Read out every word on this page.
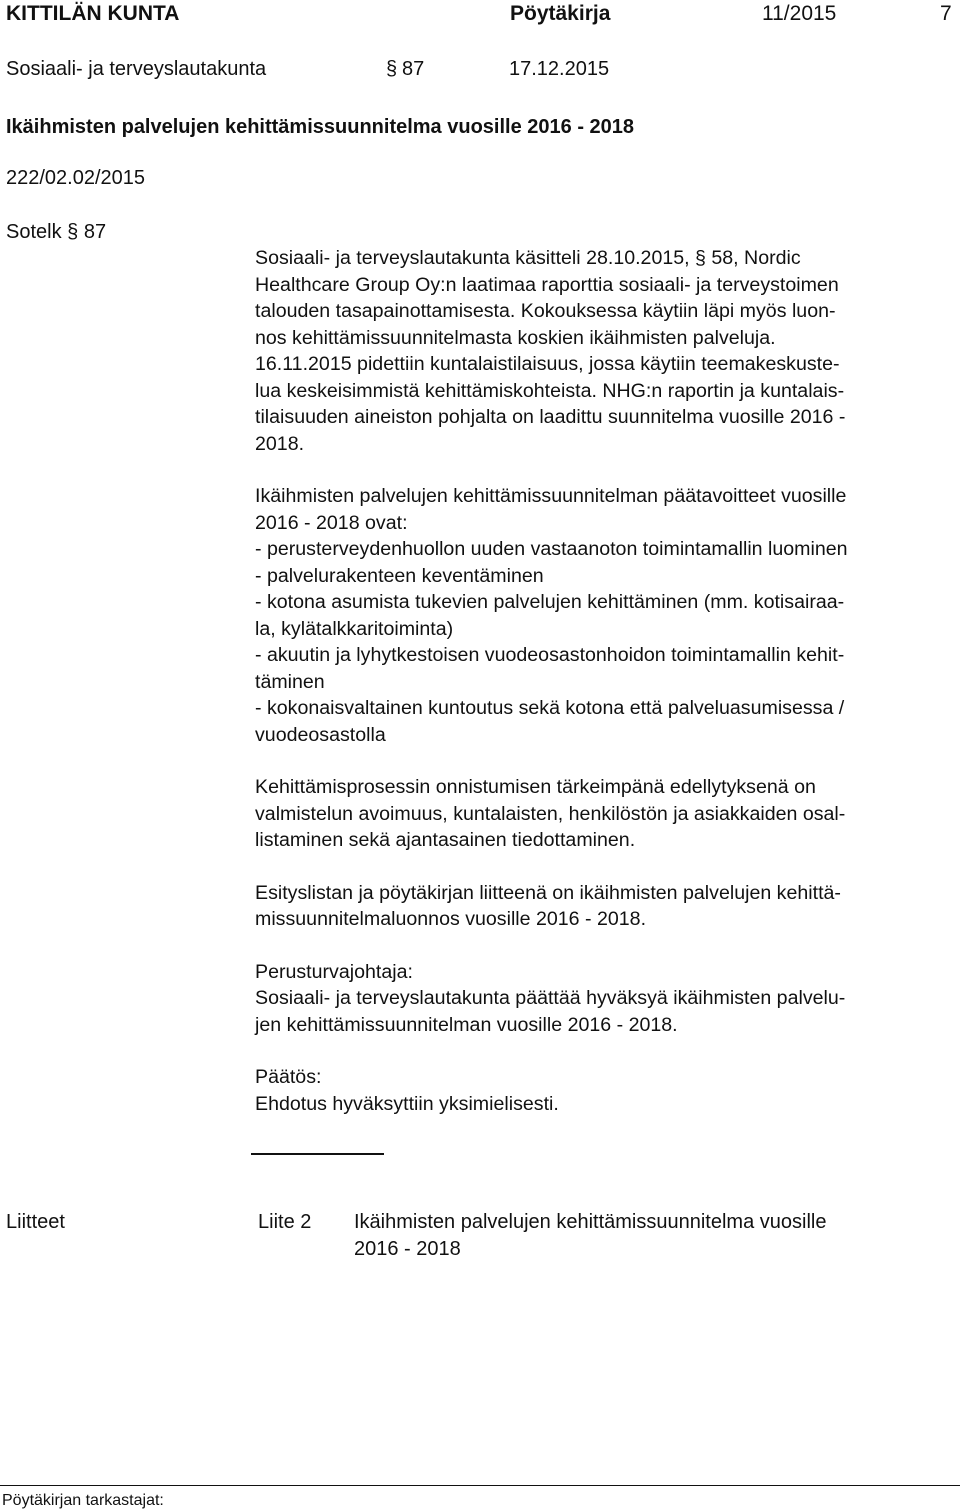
KITTILÄN KUNTA	Pöytäkirja	11/2015	7
Sosiaali- ja terveyslautakunta	§ 87	17.12.2015
Ikäihmisten palvelujen kehittämissuunnitelma vuosille 2016 - 2018
222/02.02/2015
Sotelk § 87

Sosiaali- ja terveyslautakunta käsitteli 28.10.2015, § 58, Nordic

Healthcare Group Oy:n laatimaa raporttia sosiaali- ja terveystoimen

talouden tasapainottamisesta. Kokouksessa käytiin läpi myös luon-

nos kehittämissuunnitelmasta koskien ikäihmisten palveluja.

16.11.2015 pidettiin kuntalaistilaisuus, jossa käytiin teemakeskuste-

lua keskeisimmistä kehittämiskohteista. NHG:n raportin ja kuntalais-

tilaisuuden aineiston pohjalta on laadittu suunnitelma vuosille 2016 -

2018.

Ikäihmisten palvelujen kehittämissuunnitelman päätavoitteet vuosille

2016 - 2018 ovat:

- perusterveydenhuollon uuden vastaanoton toimintamallin luominen

- palvelurakenteen keventäminen

- kotona asumista tukevien palvelujen kehittäminen (mm. kotisairaa-

la, kylätalkkaritoiminta)

- akuutin ja lyhytkestoisen vuodeosastonhoidon toimintamallin kehit-

täminen

- kokonaisvaltainen kuntoutus sekä kotona että palveluasumisessa /

vuodeosastolla

Kehittämisprosessin onnistumisen tärkeimpänä edellytyksenä on

valmistelun avoimuus, kuntalaisten, henkilöstön ja asiakkaiden osal-

listaminen sekä ajantasainen tiedottaminen.

Esityslistan ja pöytäkirjan liitteenä on ikäihmisten palvelujen kehittä-

missuunnitelmaluonnos vuosille 2016 - 2018.

Perusturvajohtaja:

Sosiaali- ja terveyslautakunta päättää hyväksyä ikäihmisten palvelu-

jen kehittämissuunnitelman vuosille 2016 - 2018.

Päätös:

Ehdotus hyväksyttiin yksimielisesti.

Liitteet	Liite 2 Ikäihmisten palvelujen kehittämissuunnitelma vuosille
2016 - 2018
Pöytäkirjan tarkastajat:
